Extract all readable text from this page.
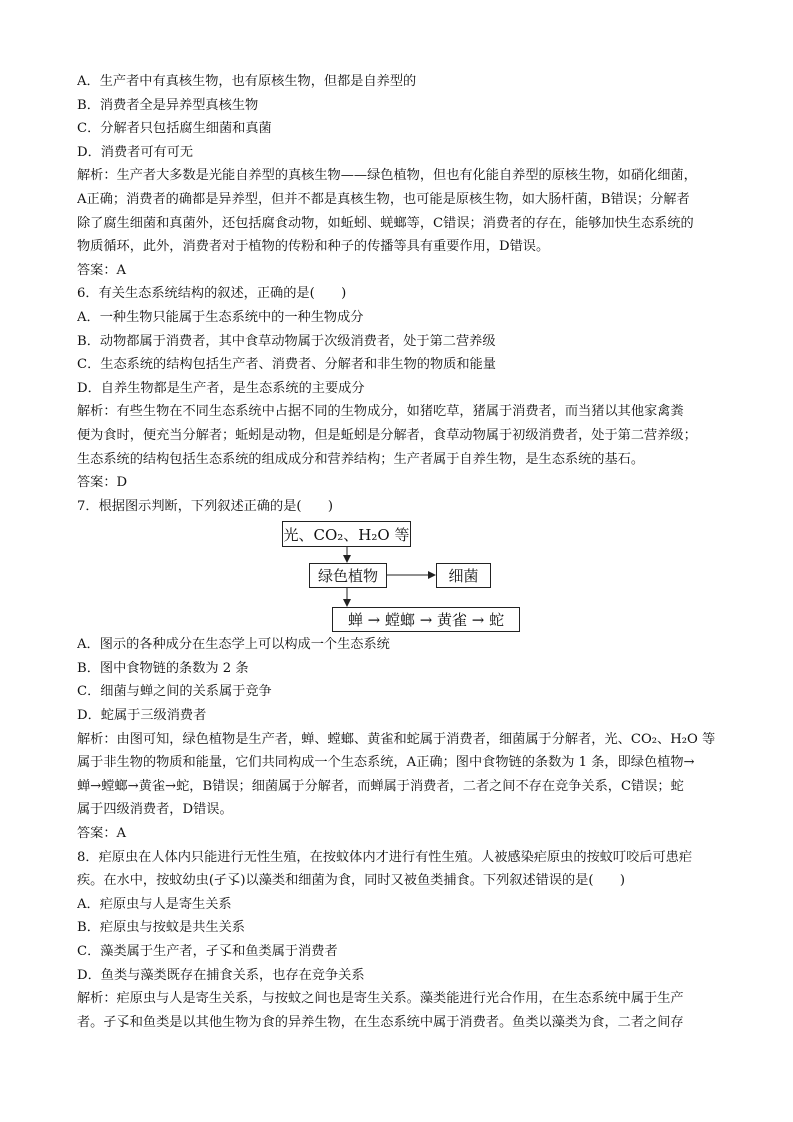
A．生产者中有真核生物，也有原核生物，但都是自养型的
B．消费者全是异养型真核生物
C．分解者只包括腐生细菌和真菌
D．消费者可有可无
解析：生产者大多数是光能自养型的真核生物——绿色植物，但也有化能自养型的原核生物，如硝化细菌，
A正确；消费者的确都是异养型，但并不都是真核生物，也可能是原核生物，如大肠杆菌，B错误；分解者
除了腐生细菌和真菌外，还包括腐食动物，如蚯蚓、蜣螂等，C错误；消费者的存在，能够加快生态系统的
物质循环，此外，消费者对于植物的传粉和种子的传播等具有重要作用，D错误。
答案：A
6．有关生态系统结构的叙述，正确的是(　　)
A．一种生物只能属于生态系统中的一种生物成分
B．动物都属于消费者，其中食草动物属于次级消费者，处于第二营养级
C．生态系统的结构包括生产者、消费者、分解者和非生物的物质和能量
D．自养生物都是生产者，是生态系统的主要成分
解析：有些生物在不同生态系统中占据不同的生物成分，如猪吃草，猪属于消费者，而当猪以其他家禽粪
便为食时，便充当分解者；蚯蚓是动物，但是蚯蚓是分解者，食草动物属于初级消费者，处于第二营养级；
生态系统的结构包括生态系统的组成成分和营养结构；生产者属于自养生物，是生态系统的基石。
答案：D
7．根据图示判断，下列叙述正确的是(　　)
光、CO₂、H₂O 等
绿色植物	细菌
蝉 → 螳螂 → 黄雀 → 蛇
A．图示的各种成分在生态学上可以构成一个生态系统
B．图中食物链的条数为 2 条
C．细菌与蝉之间的关系属于竞争
D．蛇属于三级消费者
解析：由图可知，绿色植物是生产者，蝉、螳螂、黄雀和蛇属于消费者，细菌属于分解者，光、CO₂、H₂O 等
属于非生物的物质和能量，它们共同构成一个生态系统，A正确；图中食物链的条数为 1 条，即绿色植物→
蝉→螳螂→黄雀→蛇，B错误；细菌属于分解者，而蝉属于消费者，二者之间不存在竞争关系，C错误；蛇
属于四级消费者，D错误。
答案：A
8．疟原虫在人体内只能进行无性生殖，在按蚊体内才进行有性生殖。人被感染疟原虫的按蚊叮咬后可患疟
疾。在水中，按蚊幼虫(孑孓)以藻类和细菌为食，同时又被鱼类捕食。下列叙述错误的是(　　)
A．疟原虫与人是寄生关系
B．疟原虫与按蚊是共生关系
C．藻类属于生产者，孑孓和鱼类属于消费者
D．鱼类与藻类既存在捕食关系，也存在竞争关系
解析：疟原虫与人是寄生关系，与按蚊之间也是寄生关系。藻类能进行光合作用，在生态系统中属于生产
者。孑孓和鱼类是以其他生物为食的异养生物，在生态系统中属于消费者。鱼类以藻类为食，二者之间存
